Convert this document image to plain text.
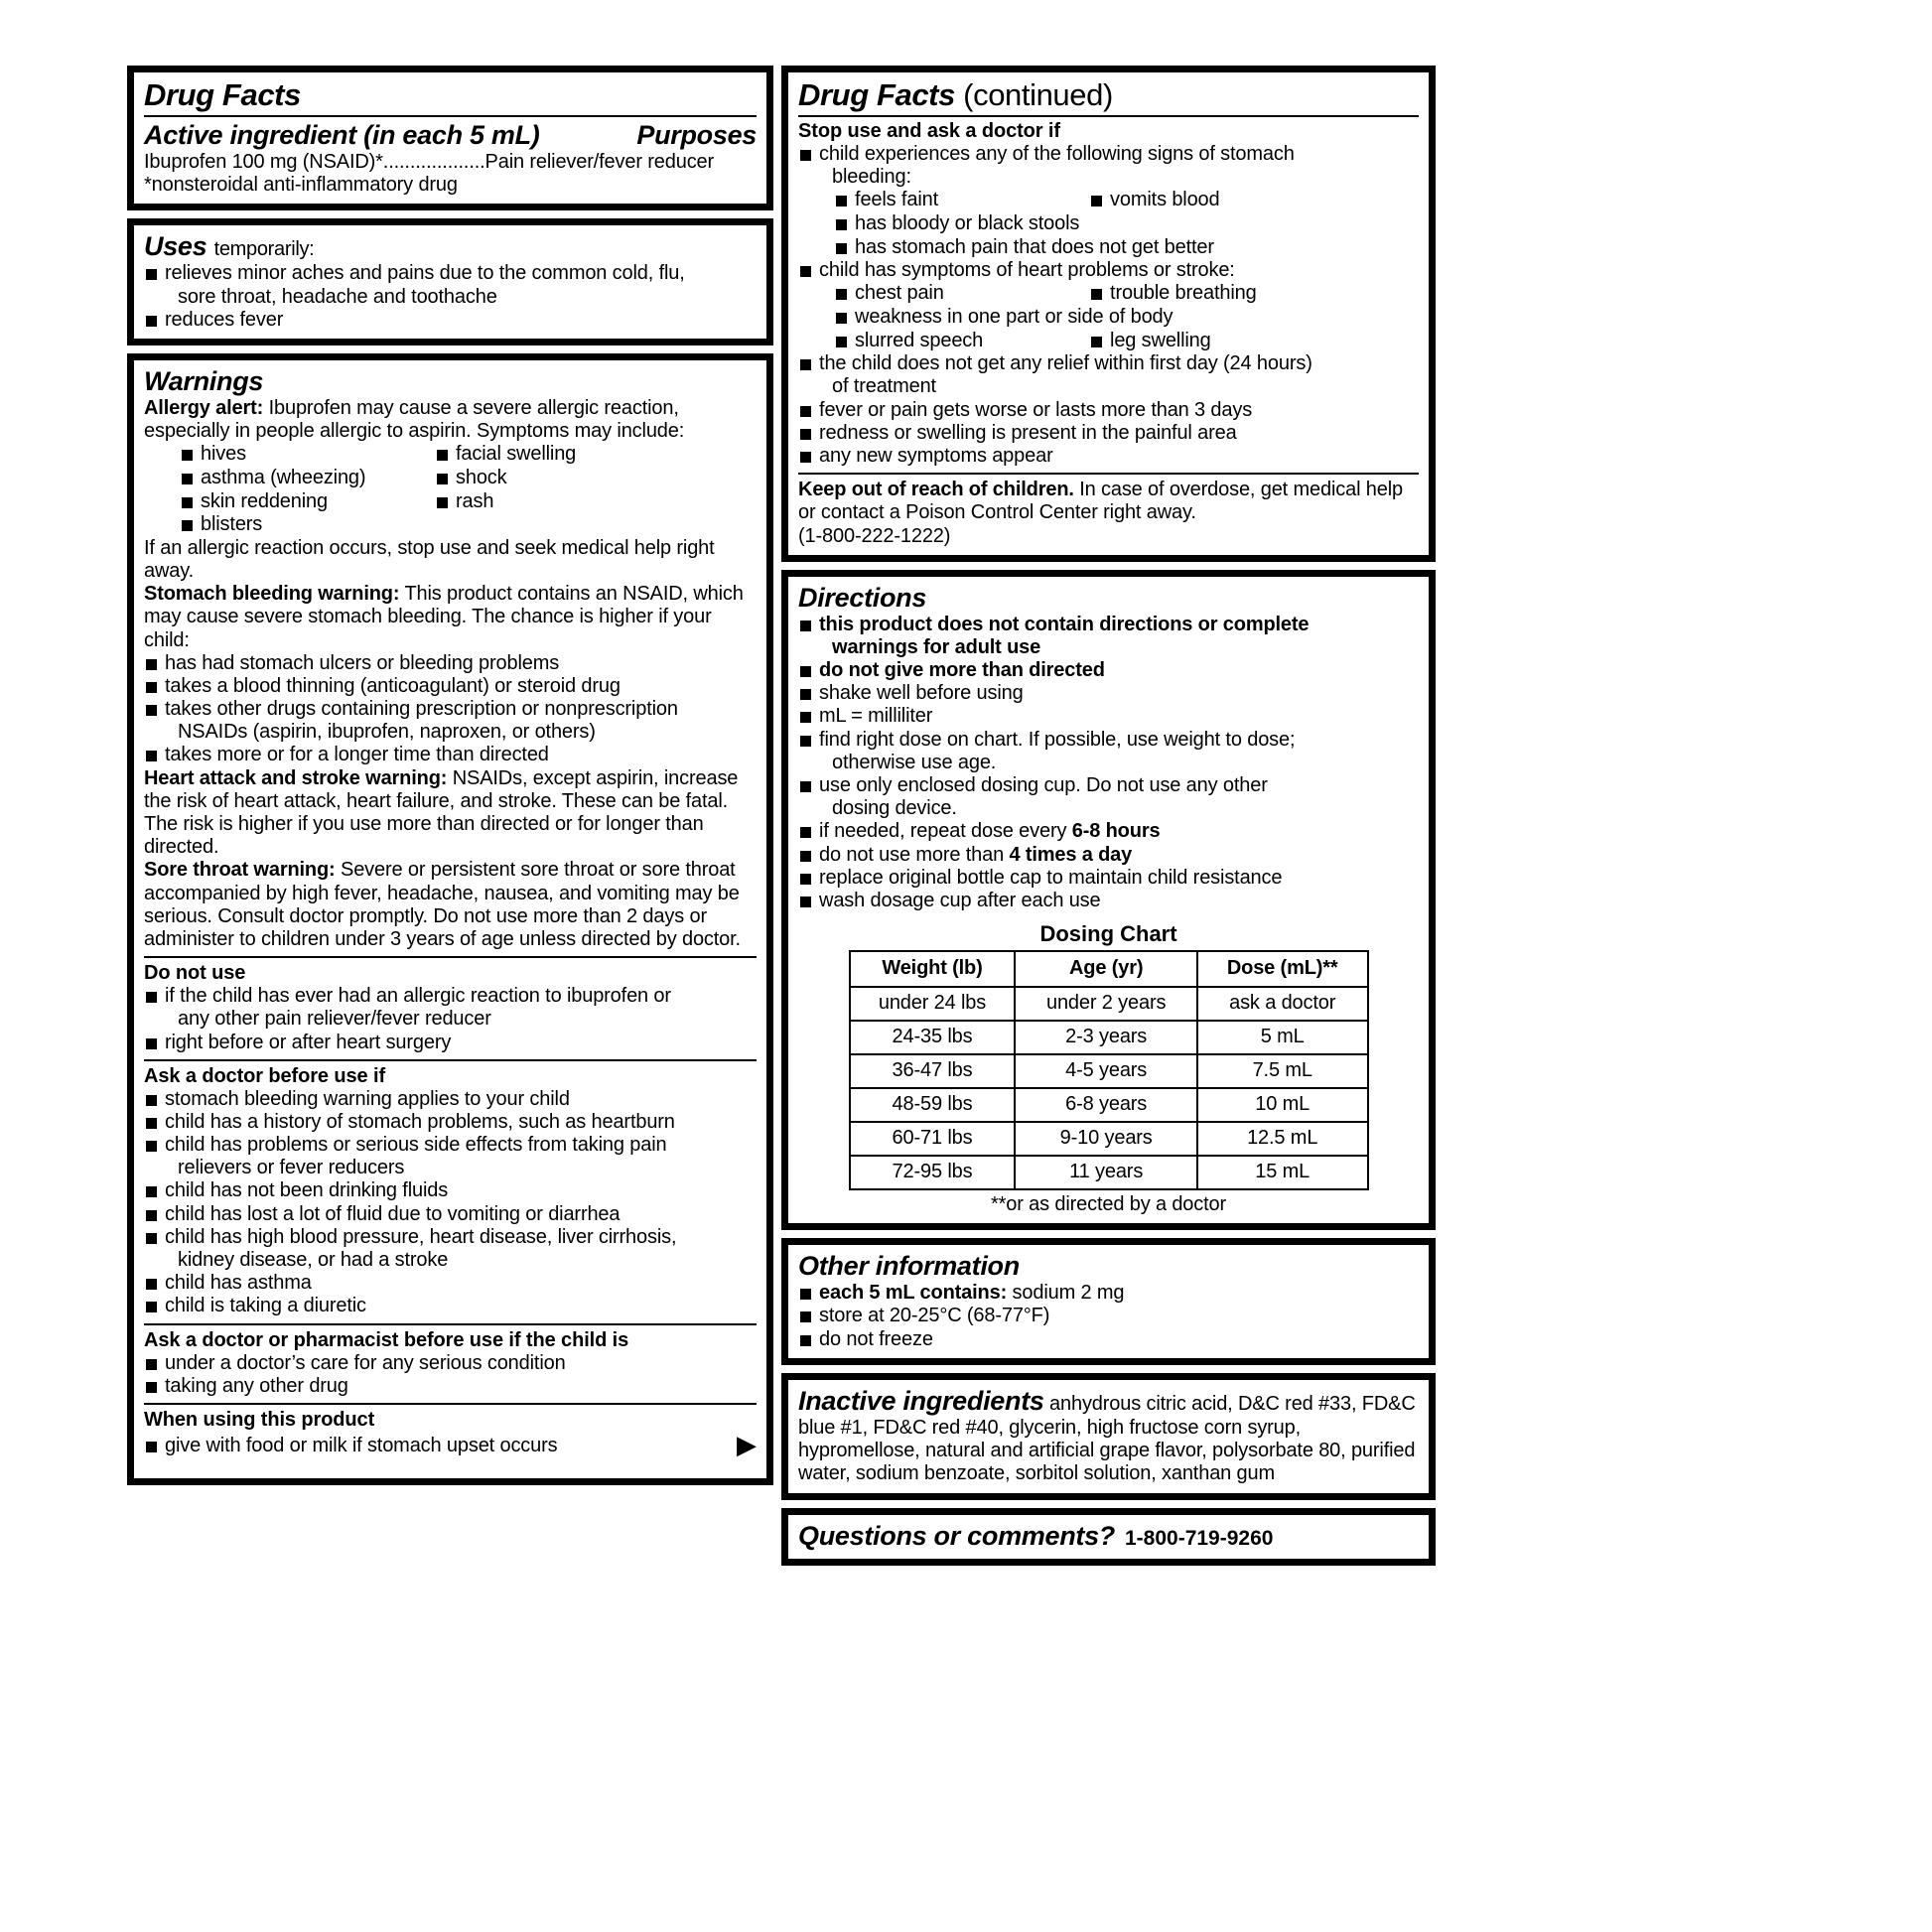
Drug Facts
Active ingredient (in each 5 mL)	Purposes
Ibuprofen 100 mg (NSAID)*...................Pain reliever/fever reducer
*nonsteroidal anti-inflammatory drug
Uses temporarily:
relieves minor aches and pains due to the common cold, flu,
sore throat, headache and toothache
reduces fever
Warnings
Allergy alert: Ibuprofen may cause a severe allergic reaction, especially in people allergic to aspirin. Symptoms may include:
hives	facial swelling
asthma (wheezing)	shock
skin reddening	rash
blisters
If an allergic reaction occurs, stop use and seek medical help right away.
Stomach bleeding warning: This product contains an NSAID, which may cause severe stomach bleeding. The chance is higher if your child:
has had stomach ulcers or bleeding problems
takes a blood thinning (anticoagulant) or steroid drug
takes other drugs containing prescription or nonprescription
NSAIDs (aspirin, ibuprofen, naproxen, or others)
takes more or for a longer time than directed
Heart attack and stroke warning: NSAIDs, except aspirin, increase the risk of heart attack, heart failure, and stroke. These can be fatal. The risk is higher if you use more than directed or for longer than directed.
Sore throat warning: Severe or persistent sore throat or sore throat accompanied by high fever, headache, nausea, and vomiting may be serious. Consult doctor promptly. Do not use more than 2 days or administer to children under 3 years of age unless directed by doctor.
Do not use
if the child has ever had an allergic reaction to ibuprofen or
any other pain reliever/fever reducer
right before or after heart surgery
Ask a doctor before use if
stomach bleeding warning applies to your child
child has a history of stomach problems, such as heartburn
child has problems or serious side effects from taking pain
relievers or fever reducers
child has not been drinking fluids
child has lost a lot of fluid due to vomiting or diarrhea
child has high blood pressure, heart disease, liver cirrhosis,
kidney disease, or had a stroke
child has asthma
child is taking a diuretic
Ask a doctor or pharmacist before use if the child is
under a doctor’s care for any serious condition
taking any other drug
When using this product
give with food or milk if stomach upset occurs	▶
Drug Facts (continued)
Stop use and ask a doctor if
child experiences any of the following signs of stomach
bleeding:
feels faint	vomits blood
has bloody or black stools
has stomach pain that does not get better
child has symptoms of heart problems or stroke:
chest pain	trouble breathing
weakness in one part or side of body
slurred speech	leg swelling
the child does not get any relief within first day (24 hours)
of treatment
fever or pain gets worse or lasts more than 3 days
redness or swelling is present in the painful area
any new symptoms appear
Keep out of reach of children. In case of overdose, get medical help or contact a Poison Control Center right away.
(1-800-222-1222)
Directions
this product does not contain directions or complete
warnings for adult use
do not give more than directed
shake well before using
mL = milliliter
find right dose on chart. If possible, use weight to dose;
otherwise use age.
use only enclosed dosing cup. Do not use any other
dosing device.
if needed, repeat dose every 6-8 hours
do not use more than 4 times a day
replace original bottle cap to maintain child resistance
wash dosage cup after each use
Dosing Chart
Weight (lb)	Age (yr)	Dose (mL)**
under 24 lbs	under 2 years	ask a doctor
24-35 lbs	2-3 years	5 mL
36-47 lbs	4-5 years	7.5 mL
48-59 lbs	6-8 years	10 mL
60-71 lbs	9-10 years	12.5 mL
72-95 lbs	11 years	15 mL
**or as directed by a doctor
Other information
each 5 mL contains: sodium 2 mg
store at 20-25°C (68-77°F)
do not freeze
Inactive ingredients anhydrous citric acid, D&C red #33, FD&C blue #1, FD&C red #40, glycerin, high fructose corn syrup, hypromellose, natural and artificial grape flavor, polysorbate 80, purified water, sodium benzoate, sorbitol solution, xanthan gum
Questions or comments? 1-800-719-9260
